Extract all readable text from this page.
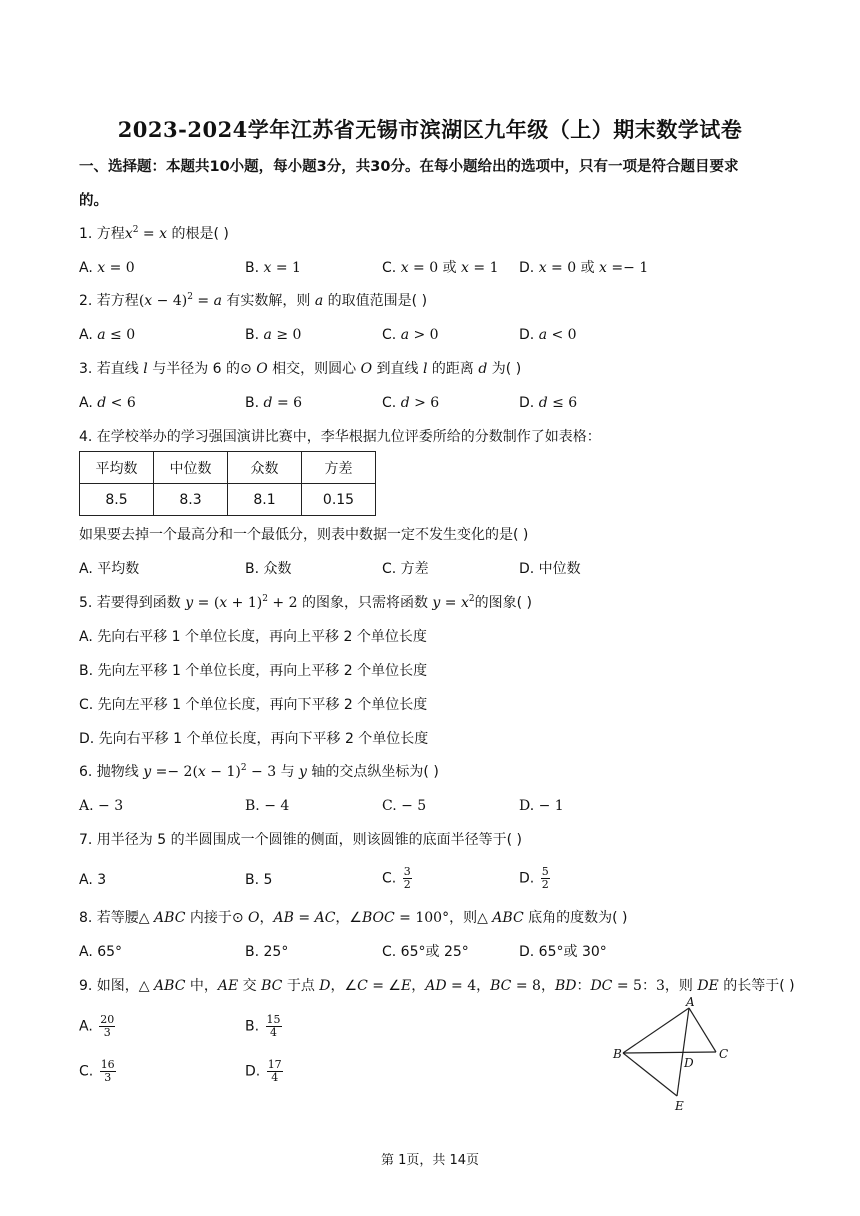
2023-2024学年江苏省无锡市滨湖区九年级（上）期末数学试卷
一、选择题：本题共10小题，每小题3分，共30分。在每小题给出的选项中，只有一项是符合题目要求
的。
1. 方程$x^2 = x$ 的根是( )
A. x = 0	B. x = 1	C. x = 0 或 x = 1 D. x = 0 或 x =− 1
2. 若方程$(x - 4)^2 = a$ 有实数解，则 a 的取值范围是( )
A. a ≤ 0	B. a ≥ 0	C. a > 0	D. a < 0
3. 若直线 l 与半径为 6 的⊙ O 相交，则圆心 O 到直线 l 的距离 d 为( )
A. d < 6	B. d = 6	C. d > 6	D. d ≤ 6
4. 在学校举办的学习强国演讲比赛中，李华根据九位评委所给的分数制作了如表格：
平均数	中位数	众数	方差
8.5	8.3	8.1	0.15
如果要去掉一个最高分和一个最低分，则表中数据一定不发生变化的是( )
A. 平均数	B. 众数	C. 方差	D. 中位数
5. 若要得到函数 $y = (x + 1)^2 + 2$ 的图象，只需将函数 $y = x^2$的图象( )
A. 先向右平移 1 个单位长度，再向上平移 2 个单位长度
B. 先向左平移 1 个单位长度，再向上平移 2 个单位长度
C. 先向左平移 1 个单位长度，再向下平移 2 个单位长度
D. 先向右平移 1 个单位长度，再向下平移 2 个单位长度
6. 抛物线 $y =- 2(x - 1)^2 - 3$ 与 y 轴的交点纵坐标为( )
A. − 3	B. − 4	C. − 5	D. − 1
7. 用半径为 5 的半圆围成一个圆锥的侧面，则该圆锥的底面半径等于( )
A. 3	B. 5	C. $\frac{3}{2}$	D. $\frac{5}{2}$
8. 若等腰△ ABC 内接于⊙ O，AB = AC，∠BOC = 100°，则△ ABC 底角的度数为( )
A. 65°	B. 25°	C. 65°或 25°	D. 65°或 30°
9. 如图，△ ABC 中，AE 交 BC 于点 D，∠C = ∠E，AD = 4，BC = 8，BD：DC = 5：3，则 DE 的长等于( )
A. $\frac{20}{3}$	B. $\frac{15}{4}$
C. $\frac{16}{3}$	D. $\frac{17}{4}$
A
B	C
D
E
第 1页，共 14页
